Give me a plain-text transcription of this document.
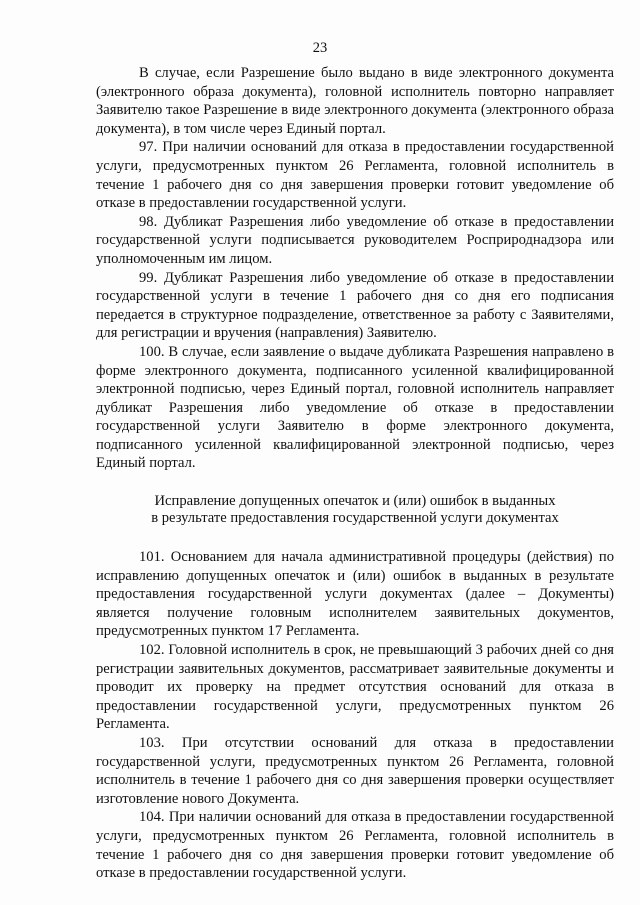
23

В случае, если Разрешение было выдано в виде электронного документа (электронного образа документа), головной исполнитель повторно направляет Заявителю такое Разрешение в виде электронного документа (электронного образа документа), в том числе через Единый портал.

97. При наличии оснований для отказа в предоставлении государственной услуги, предусмотренных пунктом 26 Регламента, головной исполнитель в течение 1 рабочего дня со дня завершения проверки готовит уведомление об отказе в предоставлении государственной услуги.

98. Дубликат Разрешения либо уведомление об отказе в предоставлении государственной услуги подписывается руководителем Росприроднадзора или уполномоченным им лицом.

99. Дубликат Разрешения либо уведомление об отказе в предоставлении государственной услуги в течение 1 рабочего дня со дня его подписания передается в структурное подразделение, ответственное за работу с Заявителями, для регистрации и вручения (направления) Заявителю.

100. В случае, если заявление о выдаче дубликата Разрешения направлено в форме электронного документа, подписанного усиленной квалифицированной электронной подписью, через Единый портал, головной исполнитель направляет дубликат Разрешения либо уведомление об отказе в предоставлении государственной услуги Заявителю в форме электронного документа, подписанного усиленной квалифицированной электронной подписью, через Единый портал.

Исправление допущенных опечаток и (или) ошибок в выданных
в результате предоставления государственной услуги документах

101. Основанием для начала административной процедуры (действия) по исправлению допущенных опечаток и (или) ошибок в выданных в результате предоставления государственной услуги документах (далее – Документы) является получение головным исполнителем заявительных документов, предусмотренных пунктом 17 Регламента.

102. Головной исполнитель в срок, не превышающий 3 рабочих дней со дня регистрации заявительных документов, рассматривает заявительные документы и проводит их проверку на предмет отсутствия оснований для отказа в предоставлении государственной услуги, предусмотренных пунктом 26 Регламента.

103. При отсутствии оснований для отказа в предоставлении государственной услуги, предусмотренных пунктом 26 Регламента, головной исполнитель в течение 1 рабочего дня со дня завершения проверки осуществляет изготовление нового Документа.

104. При наличии оснований для отказа в предоставлении государственной услуги, предусмотренных пунктом 26 Регламента, головной исполнитель в течение 1 рабочего дня со дня завершения проверки готовит уведомление об отказе в предоставлении государственной услуги.
